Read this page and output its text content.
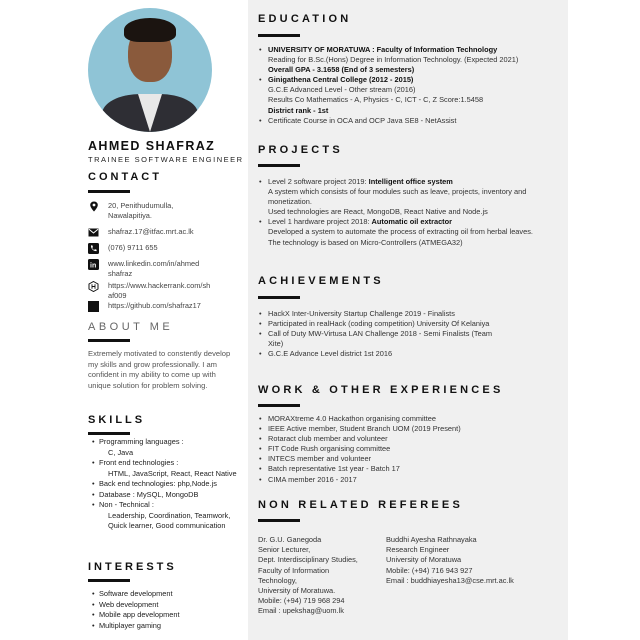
AHMED SHAFRAZ
TRAINEE SOFTWARE ENGINEER
CONTACT
20, Penithudumulla,
Nawalapitiya.
shafraz.17@itfac.mrt.ac.lk
(076) 9711 655
in www.linkedin.com/in/ahmed
shafraz
https://www.hackerrank.com/sh
af009
https://github.com/shafraz17
ABOUT ME
Extremely motivated to constently develop my skills and grow professionally. I am confident in my ability to come up with unique solution for problem solving.
SKILLS
• Programming languages :
C, Java
• Front end technologies :
HTML, JavaScript, React, React Native
• Back end technologies: php,Node.js
• Database : MySQL, MongoDB
• Non - Technical :
Leadership, Coordination, Teamwork, Quick learner, Good communication
INTERESTS
• Software development
• Web development
• Mobile app development
• Multiplayer gaming
EDUCATION
• UNIVERSITY OF MORATUWA : Faculty of Information Technology
Reading for B.Sc.(Hons) Degree in Information Technology. (Expected 2021)
Overall GPA - 3.1658 (End of 3 semesters)
• Ginigathena Central College (2012 - 2015)
G.C.E Advanced Level - Other stream (2016)
Results Co Mathematics - A, Physics - C, ICT - C, Z Score:1.5458
District rank - 1st
• Certificate Course in OCA and OCP Java SE8 - NetAssist
PROJECTS
• Level 2 software project 2019: Intelligent office system
A system which consists of four modules such as leave, projects, inventory and monetization.
Used technologies are React, MongoDB, React Native and Node.js
• Level 1 hardware project 2018: Automatic oil extractor
Developed a system to automate the process of extracting oil from herbal leaves.
The technology is based on Micro-Controllers (ATMEGA32)
ACHIEVEMENTS
• HackX Inter-University Startup Challenge 2019 - Finalists
• Participated in realHack (coding competition) University Of Kelaniya
• Call of Duty MW-Virtusa LAN Challenge 2018 - Semi Finalists (Team Xite)
• G.C.E Advance Level district 1st 2016
WORK & OTHER EXPERIENCES
• MORAXtreme 4.0 Hackathon organising committee
• IEEE Active member, Student Branch UOM (2019 Present)
• Rotaract club member and volunteer
• FIT Code Rush organising committee
• INTECS member and volunteer
• Batch representative 1st year - Batch 17
• CIMA member 2016 - 2017
NON RELATED REFEREES
Dr. G.U. Ganegoda
Senior Lecturer,
Dept. Interdisciplinary Studies,
Faculty of Information
Technology,
University of Moratuwa.
Mobile: (+94) 719 968 294
Email : upekshag@uom.lk
Buddhi Ayesha Rathnayaka
Research Engineer
University of Moratuwa
Mobile: (+94) 716 943 927
Email : buddhiayesha13@cse.mrt.ac.lk
